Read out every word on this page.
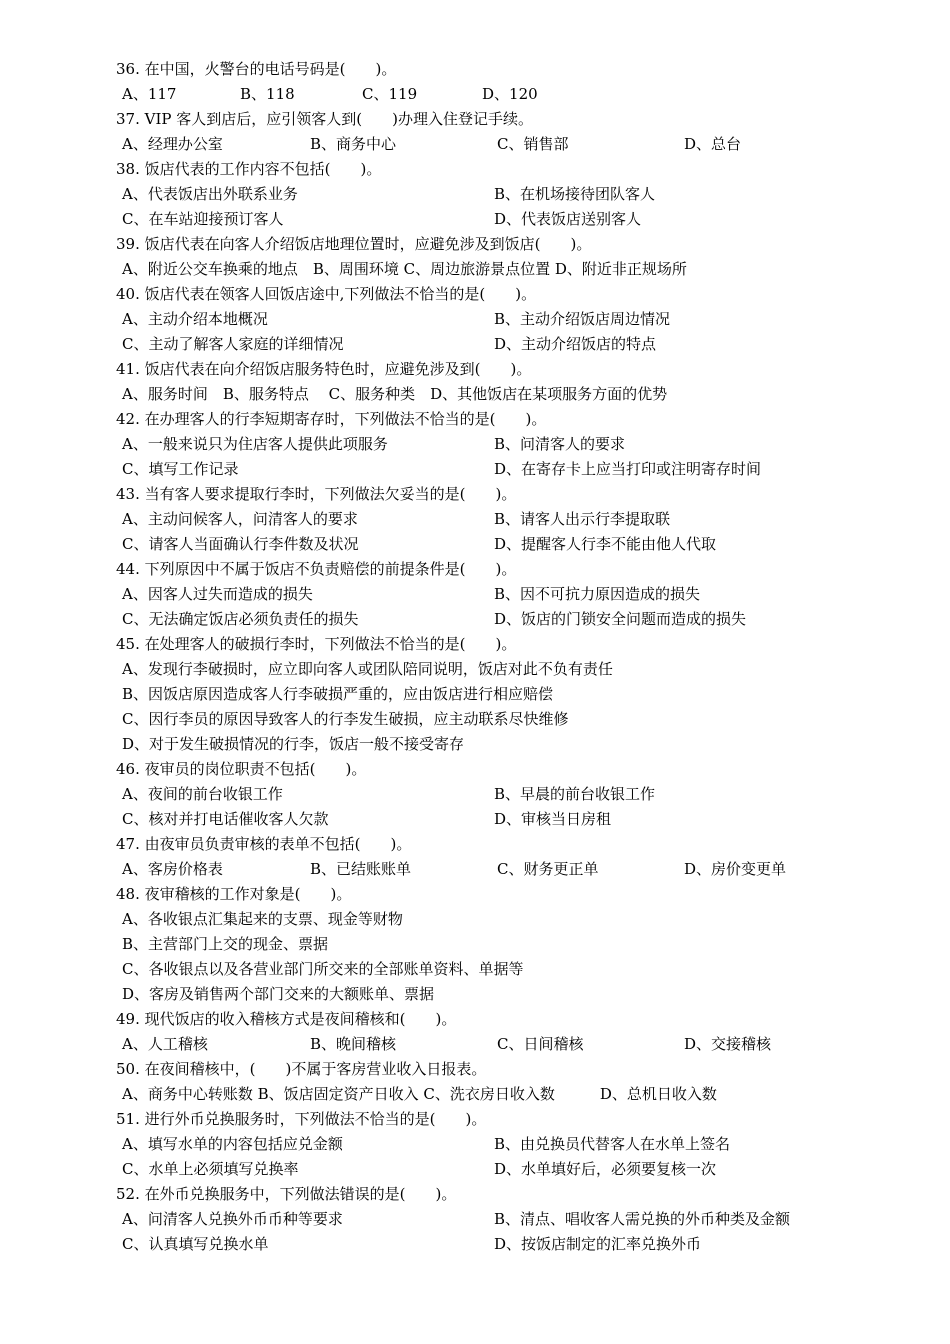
36. 在中国，火警台的电话号码是(　　)。
A、117	B、118	C、119	D、120
37. VIP 客人到店后，应引领客人到(　　)办理入住登记手续。
A、经理办公室	B、商务中心	C、销售部	D、总台
38. 饭店代表的工作内容不包括(　　)。
A、代表饭店出外联系业务	B、在机场接待团队客人
C、在车站迎接预订客人	D、代表饭店送别客人
39. 饭店代表在向客人介绍饭店地理位置时，应避免涉及到饭店(　　)。
A、附近公交车换乘的地点　B、周围环境 C、周边旅游景点位置 D、附近非正规场所
40. 饭店代表在领客人回饭店途中,下列做法不恰当的是(　　)。
A、主动介绍本地概况	B、主动介绍饭店周边情况
C、主动了解客人家庭的详细情况	D、主动介绍饭店的特点
41. 饭店代表在向介绍饭店服务特色时，应避免涉及到(　　)。
A、服务时间　B、服务特点　 C、服务种类　D、其他饭店在某项服务方面的优势
42. 在办理客人的行李短期寄存时，下列做法不恰当的是(　　)。
A、一般来说只为住店客人提供此项服务	B、问清客人的要求
C、填写工作记录	D、在寄存卡上应当打印或注明寄存时间
43. 当有客人要求提取行李时，下列做法欠妥当的是(　　)。
A、主动问候客人，问清客人的要求	B、请客人出示行李提取联
C、请客人当面确认行李件数及状况	D、提醒客人行李不能由他人代取
44. 下列原因中不属于饭店不负责赔偿的前提条件是(　　)。
A、因客人过失而造成的损失	B、因不可抗力原因造成的损失
C、无法确定饭店必须负责任的损失	D、饭店的门锁安全问题而造成的损失
45. 在处理客人的破损行李时，下列做法不恰当的是(　　)。
A、发现行李破损时，应立即向客人或团队陪同说明，饭店对此不负有责任
B、因饭店原因造成客人行李破损严重的，应由饭店进行相应赔偿
C、因行李员的原因导致客人的行李发生破损，应主动联系尽快维修
D、对于发生破损情况的行李，饭店一般不接受寄存
46. 夜审员的岗位职责不包括(　　)。
A、夜间的前台收银工作	B、早晨的前台收银工作
C、核对并打电话催收客人欠款	D、审核当日房租
47. 由夜审员负责审核的表单不包括(　　)。
A、客房价格表	B、已结账账单	C、财务更正单	D、房价变更单
48. 夜审稽核的工作对象是(　　)。
A、各收银点汇集起来的支票、现金等财物
B、主营部门上交的现金、票据
C、各收银点以及各营业部门所交来的全部账单资料、单据等
D、客房及销售两个部门交来的大额账单、票据
49. 现代饭店的收入稽核方式是夜间稽核和(　　)。
A、人工稽核	B、晚间稽核	C、日间稽核	D、交接稽核
50. 在夜间稽核中，(　　)不属于客房营业收入日报表。
A、商务中心转账数 B、饭店固定资产日收入 C、洗衣房日收入数　　　D、总机日收入数
51. 进行外币兑换服务时，下列做法不恰当的是(　　)。
A、填写水单的内容包括应兑金额	B、由兑换员代替客人在水单上签名
C、水单上必须填写兑换率	D、水单填好后，必须要复核一次
52. 在外币兑换服务中，下列做法错误的是(　　)。
A、问清客人兑换外币币种等要求	B、清点、唱收客人需兑换的外币种类及金额
C、认真填写兑换水单	D、按饭店制定的汇率兑换外币
